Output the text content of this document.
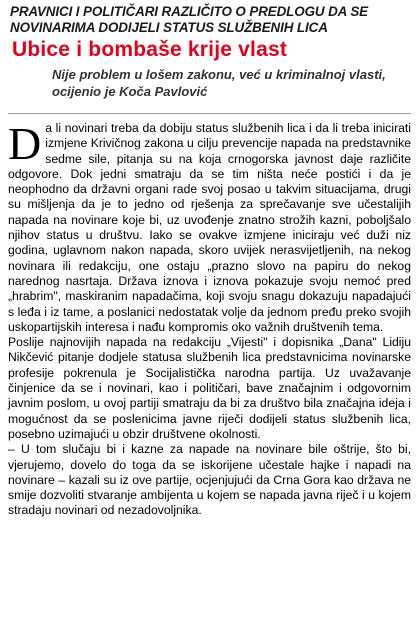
PRAVNICI I POLITIČARI RAZLIČITO O PREDLOGU DA SE
NOVINARIMA DODIJELI STATUS SLUŽBENIH LICA
Ubice i bombaše krije vlast
Nije problem u lošem zakonu, već u kriminalnoj vlasti,
ocijenio je Koča Pavlović

Da li novinari treba da dobiju status službenih lica i da li treba inicirati izmjene Krivičnog zakona u cilju prevencije napada na predstavnike sedme sile, pitanja su na koja crnogorska javnost daje različite odgovore. Dok jedni smatraju da se tim ništa neće postići i da je neophodno da državni organi rade svoj posao u takvim situacijama, drugi su mišljenja da je to jedno od rješenja za sprečavanje sve učestalijih napada na novinare koje bi, uz uvođenje znatno strožih kazni, poboljšalo njihov status u društvu. Iako se ovakve izmjene iniciraju već duži niz godina, uglavnom nakon napada, skoro uvijek nerasvijetljenih, na nekog novinara ili redakciju, one ostaju „prazno slovo na papiru do nekog narednog nasrtaja. Država iznova i iznova pokazuje svoju nemoć pred „hrabrim", maskiranim napadačima, koji svoju snagu dokazuju napadajući s leđa i iz tame, a poslanici nedostatak volje da jednom pređu preko svojih uskopartijskih interesa i nađu kompromis oko važnih društvenih tema.

Poslije najnovijih napada na redakciju „Vijesti" i dopisnika „Dana" Lidiju Nikčević pitanje dodjele statusa službenih lica predstavnicima novinarske profesije pokrenula je Socijalistička narodna partija. Uz uvažavanje činjenice da se i novinari, kao i političari, bave značajnim i odgovornim javnim poslom, u ovoj partiji smatraju da bi za društvo bila značajna ideja i mogućnost da se poslenicima javne riječi dodijeli status službenih lica, posebno uzimajući u obzir društvene okolnosti.

– U tom slučaju bi i kazne za napade na novinare bile oštrije, što bi, vjerujemo, dovelo do toga da se iskorijene učestale hajke i napadi na novinare – kazali su iz ove partije, ocjenjujući da Crna Gora kao država ne smije dozvoliti stvaranje ambijenta u kojem se napada javna riječ i u kojem stradaju novinari od nezadovoljnika.
